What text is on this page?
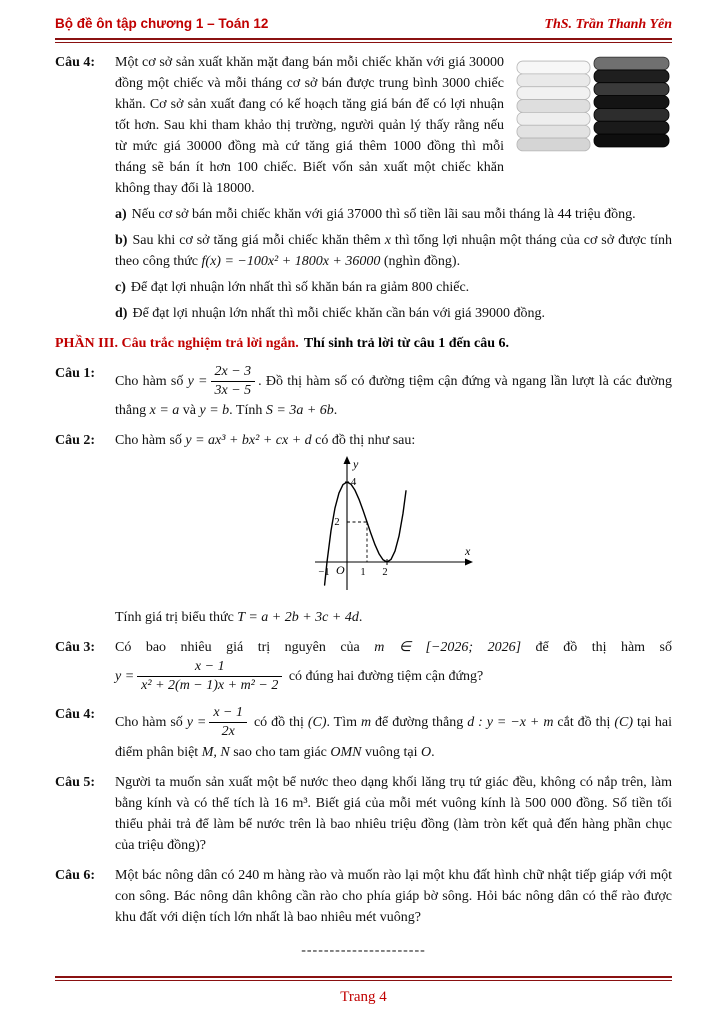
Bộ đề ôn tập chương 1 – Toán 12	ThS. Trần Thanh Yên
Câu 4:	Một cơ sở sản xuất khăn mặt đang bán mỗi chiếc khăn với giá 30000 đồng một chiếc và mỗi tháng cơ sở bán được trung bình 3000 chiếc khăn. Cơ sở sản xuất đang có kế hoạch tăng giá bán để có lợi nhuận tốt hơn. Sau khi tham khảo thị trường, người quản lý thấy rằng nếu từ mức giá 30000 đồng mà cứ tăng giá thêm 1000 đồng thì mỗi tháng sẽ bán ít hơn 100 chiếc. Biết vốn sản xuất một chiếc khăn không thay đổi là 18000.

a) Nếu cơ sở bán mỗi chiếc khăn với giá 37000 thì số tiền lãi sau mỗi tháng là 44 triệu đồng.

b) Sau khi cơ sở tăng giá mỗi chiếc khăn thêm x thì tổng lợi nhuận một tháng của cơ sở được tính theo công thức f(x) = −100x² + 1800x + 36000 (nghìn đồng).

c) Để đạt lợi nhuận lớn nhất thì số khăn bán ra giảm 800 chiếc.

d) Để đạt lợi nhuận lớn nhất thì mỗi chiếc khăn cần bán với giá 39000 đồng.

PHẦN III. Câu trắc nghiệm trả lời ngắn. Thí sinh trả lời từ câu 1 đến câu 6.

Câu 1:

Cho hàm số $y = \frac{2x - 3}{3x - 5}$ . Đồ thị hàm số có đường tiệm cận đứng và ngang lần lượt là các đường thẳng x = a và y = b. Tính S = 3a + 6b.

Câu 2:	Cho hàm số y = ax³ + bx² + cx + d có đồ thị như sau:

y
x
O
4
2
−1	1 2

Tính giá trị biểu thức T = a + 2b + 3c + 4d.

Câu 3:	Có bao nhiêu giá trị nguyên của m ∈ [−2026; 2026] để đồ thị hàm số $y = \frac{x - 1}{\text{x² + 2(m − 1)x + m² − 2}}$ có đúng hai đường tiệm cận đứng?

Câu 4:

Cho hàm số $y = \frac{x - 1}{2x}$ có đồ thị (C). Tìm m để đường thẳng d : y = −x + m cắt đồ thị (C) tại hai điểm phân biệt M, N sao cho tam giác OMN vuông tại O.

Câu 5:	Người ta muốn sản xuất một bể nước theo dạng khối lăng trụ tứ giác đều, không có nắp trên, làm bằng kính và có thể tích là 16 m³. Biết giá của mỗi mét vuông kính là 500 000 đồng. Số tiền tối thiểu phải trả để làm bể nước trên là bao nhiêu triệu đồng (làm tròn kết quả đến hàng phần chục của triệu đồng)?

Câu 6:	Một bác nông dân có 240 m hàng rào và muốn rào lại một khu đất hình chữ nhật tiếp giáp với một con sông. Bác nông dân không cần rào cho phía giáp bờ sông. Hỏi bác nông dân có thể rào được khu đất với diện tích lớn nhất là bao nhiêu mét vuông?

----------------------

Trang 4
